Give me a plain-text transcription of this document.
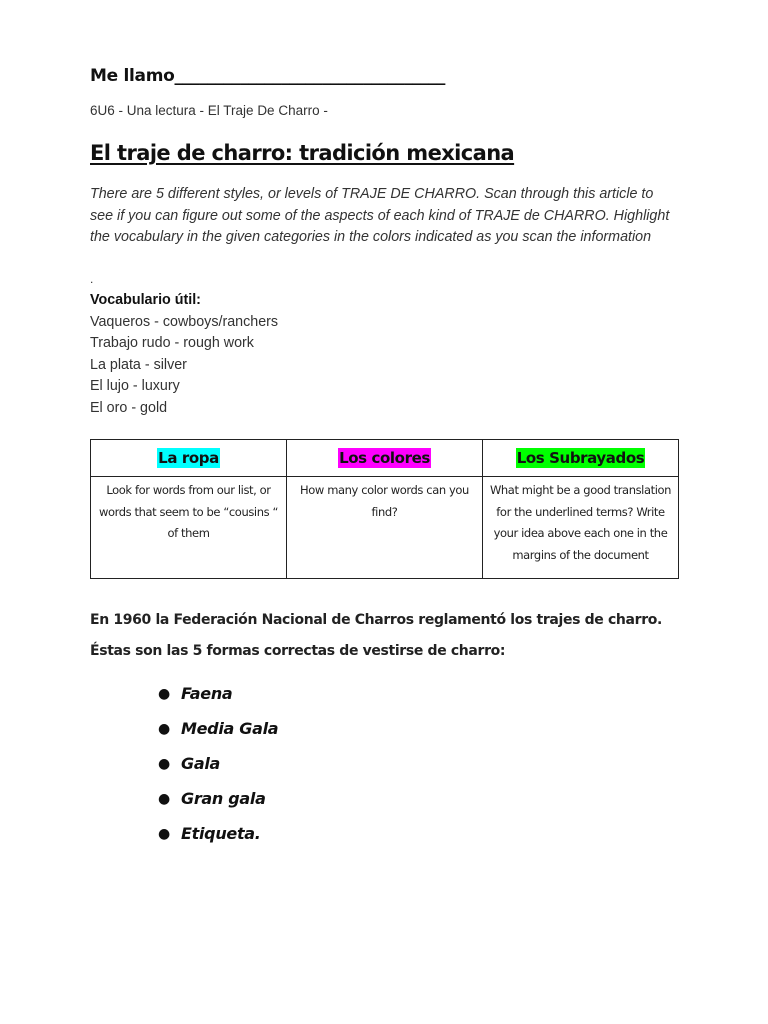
Me llamo_________________________________
6U6 - Una lectura - El Traje De Charro -
El traje de charro: tradición mexicana
There are 5 different styles, or levels of TRAJE DE CHARRO. Scan through this article to see if you can figure out some of the aspects of each kind of TRAJE de CHARRO. Highlight the vocabulary in the given categories in the colors indicated as you scan the information
.
Vocabulario útil:
Vaqueros - cowboys/ranchers
Trabajo rudo - rough work
La plata - silver
El lujo - luxury
El oro - gold
La ropa	Los colores	Los Subrayados
Look for words from our list, or words that seem to be “cousins “ of them	How many color words can you find?	What might be a good translation for the underlined terms? Write your idea above each one in the margins of the document
En 1960 la Federación Nacional de Charros reglamentó los trajes de charro.
Éstas son las 5 formas correctas de vestirse de charro:
● Faena
● Media Gala
● Gala
● Gran gala
● Etiqueta.
